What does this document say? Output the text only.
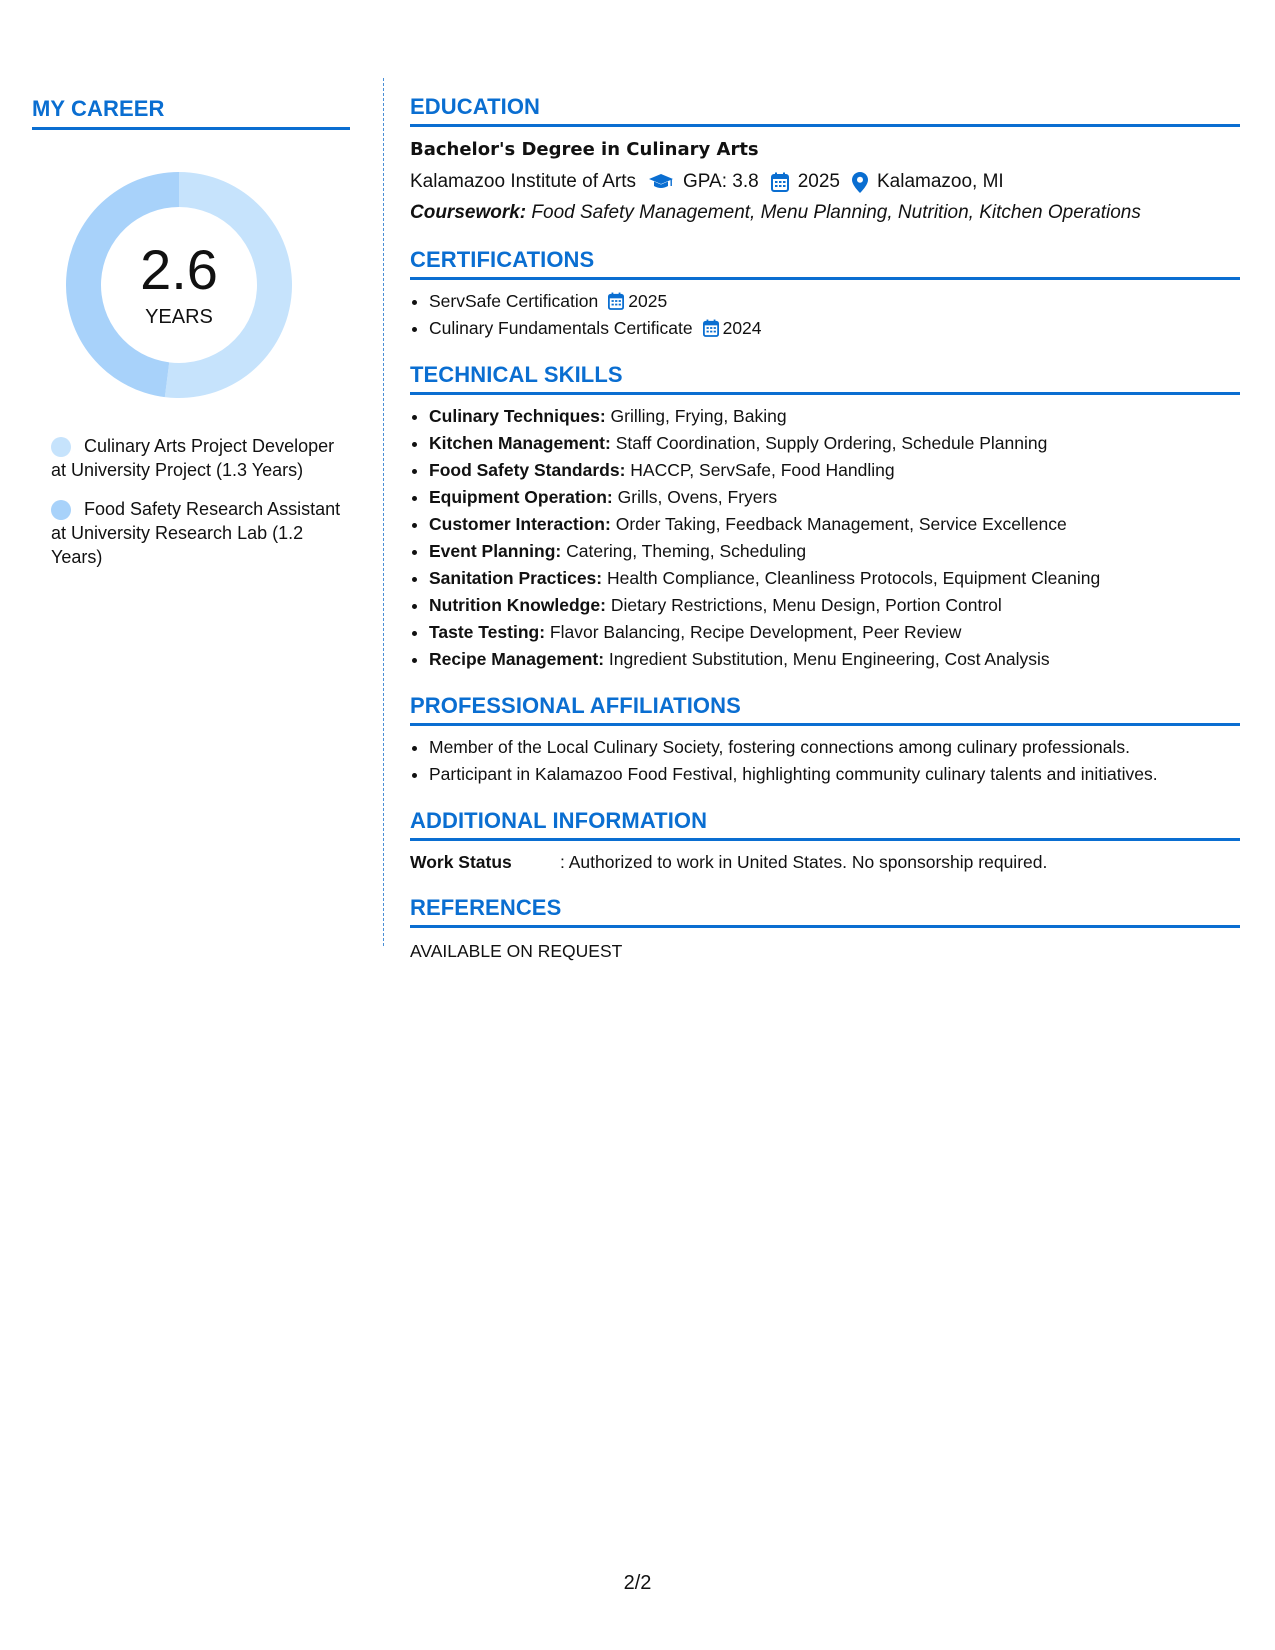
MY CAREER
2.6
YEARS
Culinary Arts Project Developer at University Project (1.3 Years)
Food Safety Research Assistant at University Research Lab (1.2 Years)
EDUCATION
Bachelor's Degree in Culinary Arts
Kalamazoo Institute of Arts GPA: 3.8 2025 Kalamazoo, MI
Coursework: Food Safety Management, Menu Planning, Nutrition, Kitchen Operations
CERTIFICATIONS
ServSafe Certification 2025
Culinary Fundamentals Certificate 2024
TECHNICAL SKILLS
Culinary Techniques: Grilling, Frying, Baking
Kitchen Management: Staff Coordination, Supply Ordering, Schedule Planning
Food Safety Standards: HACCP, ServSafe, Food Handling
Equipment Operation: Grills, Ovens, Fryers
Customer Interaction: Order Taking, Feedback Management, Service Excellence
Event Planning: Catering, Theming, Scheduling
Sanitation Practices: Health Compliance, Cleanliness Protocols, Equipment Cleaning
Nutrition Knowledge: Dietary Restrictions, Menu Design, Portion Control
Taste Testing: Flavor Balancing, Recipe Development, Peer Review
Recipe Management: Ingredient Substitution, Menu Engineering, Cost Analysis
PROFESSIONAL AFFILIATIONS
Member of the Local Culinary Society, fostering connections among culinary professionals.
Participant in Kalamazoo Food Festival, highlighting community culinary talents and initiatives.
ADDITIONAL INFORMATION
Work Status	: Authorized to work in United States. No sponsorship required.
REFERENCES
AVAILABLE ON REQUEST
2/2
